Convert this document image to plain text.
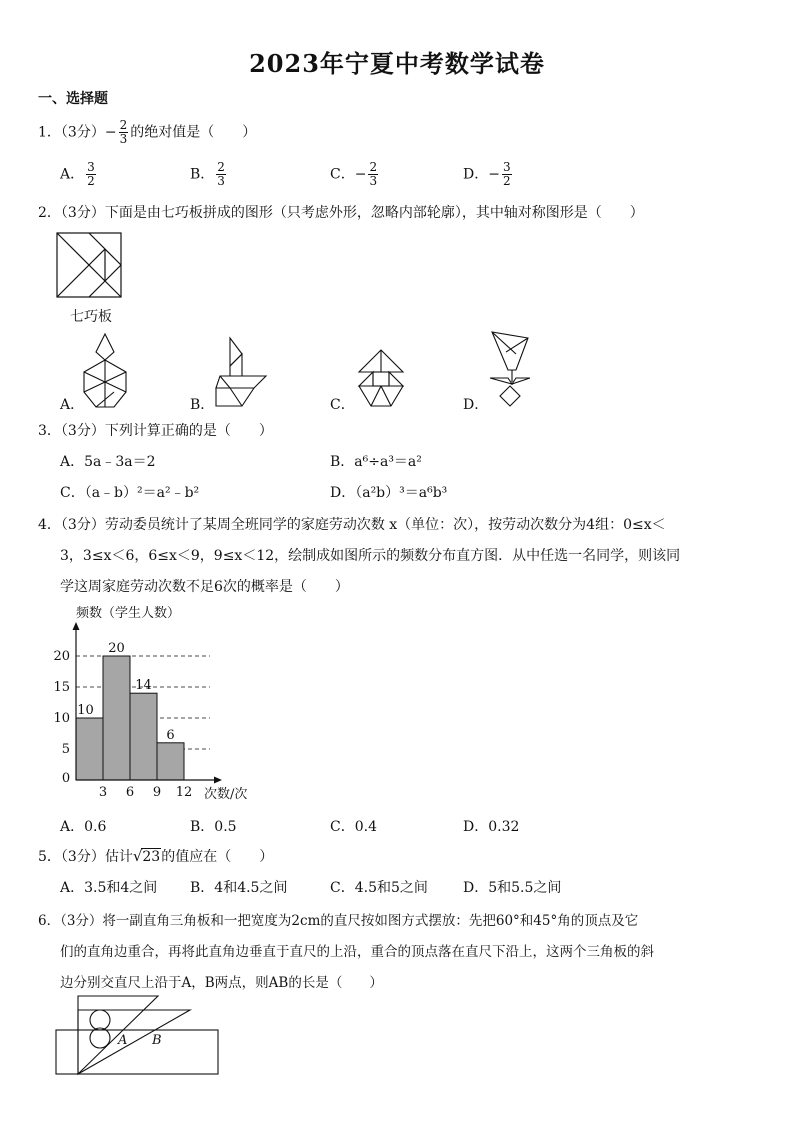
2023年宁夏中考数学试卷
一、选择题
1．（3分）− $\frac{2}{3}$ 的绝对值是（　　）
A． $\frac{3}{2}$	B． $\frac{2}{3}$	C．− $\frac{2}{3}$	D．− $\frac{3}{2}$
2．（3分）下面是由七巧板拼成的图形（只考虑外形，忽略内部轮廓），其中轴对称图形是（　　）
七巧板
A．	B．	C．	D．
3．（3分）下列计算正确的是（　　）
A．5a﹣3a＝2	B．a⁶÷a³＝a²
C．（a﹣b）²＝a²﹣b²	D．（a²b）³＝a⁶b³
4．（3分）劳动委员统计了某周全班同学的家庭劳动次数 x（单位：次），按劳动次数分为4组：0≤x＜
3，3≤x＜6，6≤x＜9，9≤x＜12，绘制成如图所示的频数分布直方图．从中任选一名同学，则该同
学这周家庭劳动次数不足6次的概率是（　　）
频数（学生人数）
次数/次
10
20
14
6
0
3 6 9 12
5
10
15
20
A．0.6	B．0.5	C．0.4	D．0.32
5．（3分）估计√23的值应在（　　）
A．3.5和4之间 B．4和4.5之间	C．4.5和5之间	D．5和5.5之间
6．（3分）将一副直角三角板和一把宽度为2cm的直尺按如图方式摆放：先把60°和45°角的顶点及它
们的直角边重合，再将此直角边垂直于直尺的上沿，重合的顶点落在直尺下沿上，这两个三角板的斜
边分别交直尺上沿于A，B两点，则AB的长是（　　）
A B
